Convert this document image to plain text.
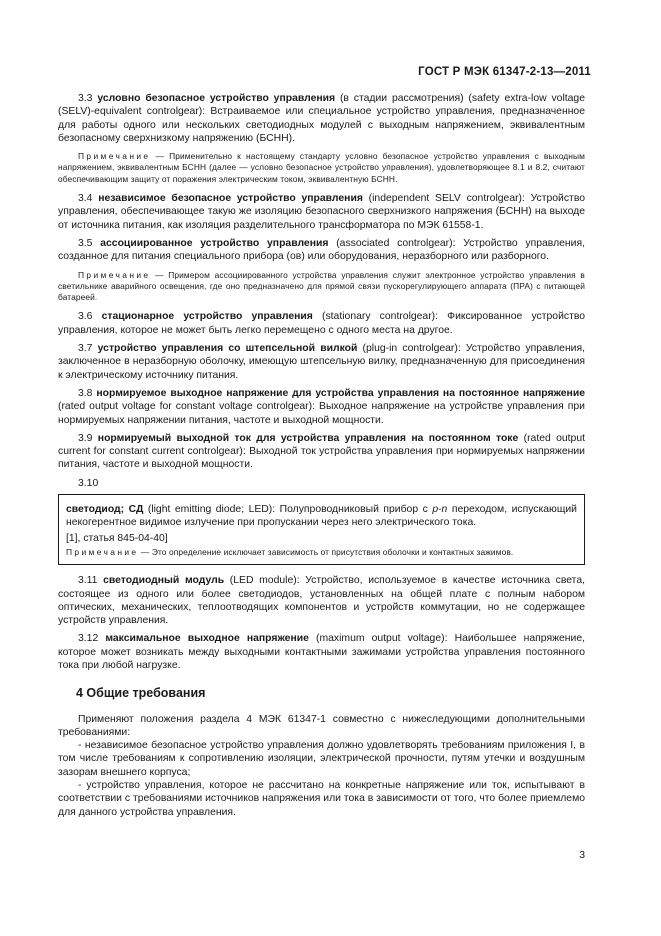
ГОСТ Р МЭК 61347-2-13—2011

3.3 условно безопасное устройство управления (в стадии рассмотрения) (safety extra-low voltage (SELV)-equivalent controlgear): Встраиваемое или специальное устройство управления, предназначенное для работы одного или нескольких светодиодных модулей с выходным напряжением, эквивалентным безопасному сверхнизкому напряжению (БСНН).

Примечание — Применительно к настоящему стандарту условно безопасное устройство управления с выходным напряжением, эквивалентным БСНН (далее — условно безопасное устройство управления), удовлетворяющее 8.1 и 8.2, считают обеспечивающим защиту от поражения электрическим током, эквивалентную БСНН.

3.4 независимое безопасное устройство управления (independent SELV controlgear): Устройство управления, обеспечивающее такую же изоляцию безопасного сверхнизкого напряжения (БСНН) на выходе от источника питания, как изоляция разделительного трансформатора по МЭК 61558-1.

3.5 ассоциированное устройство управления (associated controlgear): Устройство управления, созданное для питания специального прибора (ов) или оборудования, неразборного или разборного.

Примечание — Примером ассоциированного устройства управления служит электронное устройство управления в светильнике аварийного освещения, где оно предназначено для прямой связи пускорегулирующего аппарата (ПРА) с питающей батареей.

3.6 стационарное устройство управления (stationary controlgear): Фиксированное устройство управления, которое не может быть легко перемещено с одного места на другое.

3.7 устройство управления со штепсельной вилкой (plug-in controlgear): Устройство управления, заключенное в неразборную оболочку, имеющую штепсельную вилку, предназначенную для присоединения к электрическому источнику питания.

3.8 нормируемое выходное напряжение для устройства управления на постоянное напряжение (rated output voltage for constant voltage controlgear): Выходное напряжение на устройстве управления при нормируемых напряжении питания, частоте и выходной мощности.

3.9 нормируемый выходной ток для устройства управления на постоянном токе (rated output current for constant current controlgear): Выходной ток устройства управления при нормируемых напряжении питания, частоте и выходной мощности.

3.10

светодиод; СД (light emitting diode; LED): Полупроводниковый прибор с p-n переходом, испускающий некогерентное видимое излучение при пропускании через него электрического тока.

[1], статья 845-04-40]

Примечание — Это определение исключает зависимость от присутствия оболочки и контактных зажимов.

3.11 светодиодный модуль (LED module): Устройство, используемое в качестве источника света, состоящее из одного или более светодиодов, установленных на общей плате с полным набором оптических, механических, теплоотводящих компонентов и устройств коммутации, но не содержащее устройств управления.

3.12 максимальное выходное напряжение (maximum output voltage): Наибольшее напряжение, которое может возникать между выходными контактными зажимами устройства управления постоянного тока при любой нагрузке.

4 Общие требования

Применяют положения раздела 4 МЭК 61347-1 совместно с нижеследующими дополнительными требованиями:

- независимое безопасное устройство управления должно удовлетворять требованиям приложения I, в том числе требованиям к сопротивлению изоляции, электрической прочности, путям утечки и воздушным зазорам внешнего корпуса;

- устройство управления, которое не рассчитано на конкретные напряжение или ток, испытывают в соответствии с требованиями источников напряжения или тока в зависимости от того, что более приемлемо для данного устройства управления.

3
